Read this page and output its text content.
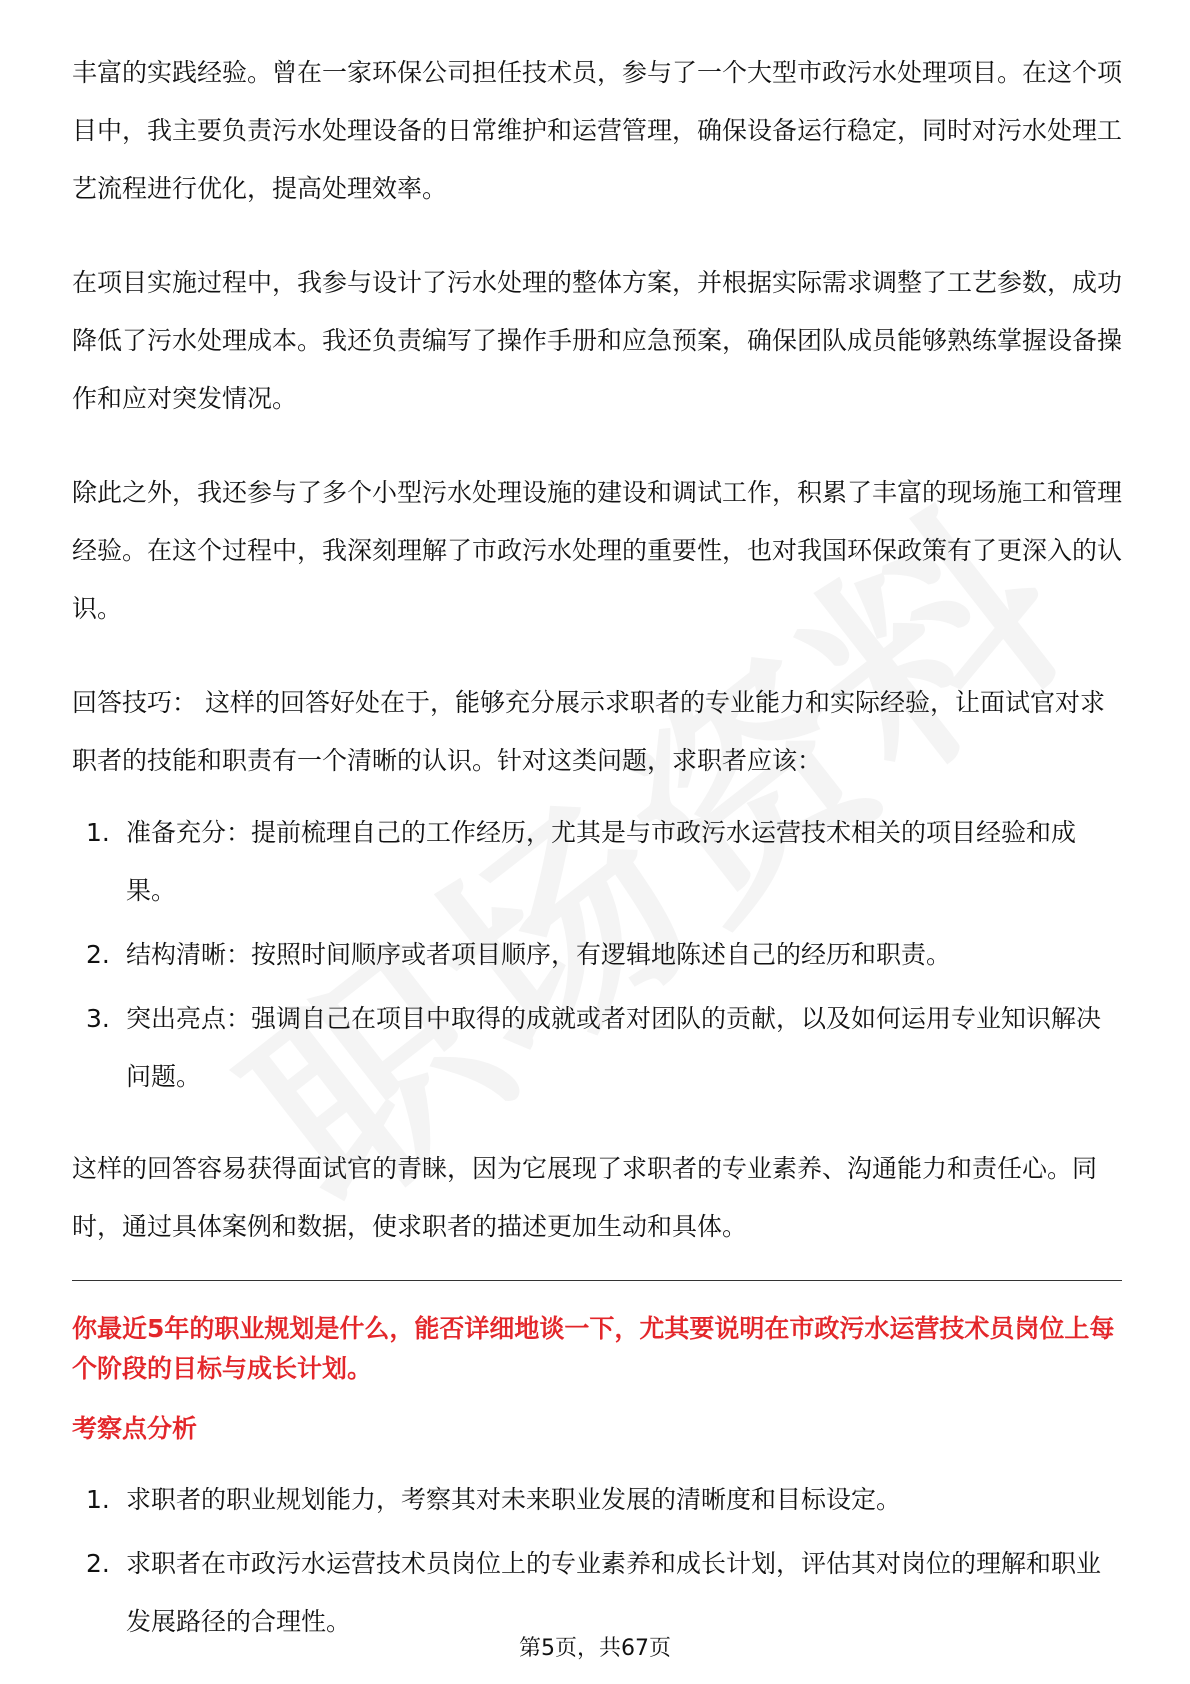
丰富的实践经验。曾在一家环保公司担任技术员，参与了一个大型市政污水处理项目。在这个项目中，我主要负责污水处理设备的日常维护和运营管理，确保设备运行稳定，同时对污水处理工艺流程进行优化，提高处理效率。

在项目实施过程中，我参与设计了污水处理的整体方案，并根据实际需求调整了工艺参数，成功降低了污水处理成本。我还负责编写了操作手册和应急预案，确保团队成员能够熟练掌握设备操作和应对突发情况。

除此之外，我还参与了多个小型污水处理设施的建设和调试工作，积累了丰富的现场施工和管理经验。在这个过程中，我深刻理解了市政污水处理的重要性，也对我国环保政策有了更深入的认识。

回答技巧： 这样的回答好处在于，能够充分展示求职者的专业能力和实际经验，让面试官对求职者的技能和职责有一个清晰的认识。针对这类问题，求职者应该：

1. 准备充分：提前梳理自己的工作经历，尤其是与市政污水运营技术相关的项目经验和成果。
2. 结构清晰：按照时间顺序或者项目顺序，有逻辑地陈述自己的经历和职责。
3. 突出亮点：强调自己在项目中取得的成就或者对团队的贡献，以及如何运用专业知识解决问题。

这样的回答容易获得面试官的青睐，因为它展现了求职者的专业素养、沟通能力和责任心。同时，通过具体案例和数据，使求职者的描述更加生动和具体。

你最近5年的职业规划是什么，能否详细地谈一下，尤其要说明在市政污水运营技术员岗位上每个阶段的目标与成长计划。

考察点分析

1. 求职者的职业规划能力，考察其对未来职业发展的清晰度和目标设定。
2. 求职者在市政污水运营技术员岗位上的专业素养和成长计划，评估其对岗位的理解和职业发展路径的合理性。
第5页，共67页
